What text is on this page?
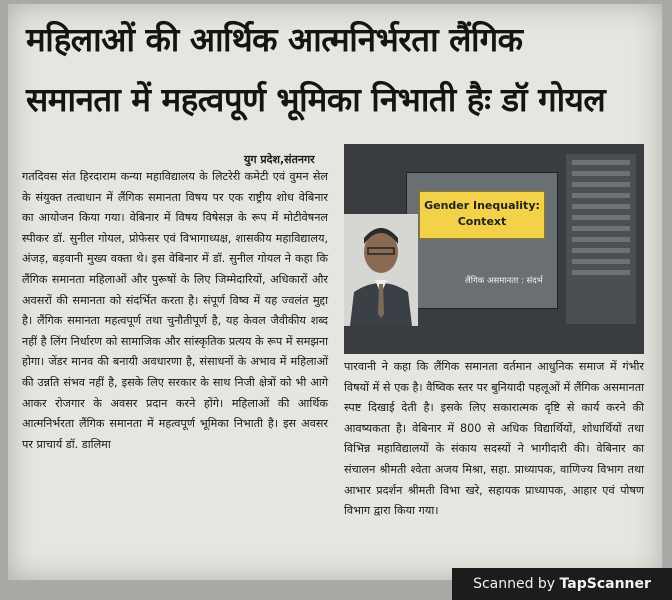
महिलाओं की आर्थिक आत्मनिर्भरता लैंगिक
समानता में महत्वपूर्ण भूमिका निभाती हैः डॉ गोयल
युग प्रदेश,संतनगर
गतदिवस संत हिरदाराम कन्या महाविद्यालय के लिटरेरी कमेटी एवं वुमन सेल के संयुक्त तत्वाधान में लैंगिक समानता विषय पर एक राष्ट्रीय शोध वेबिनार का आयोजन किया गया। वेबिनार में विषय विषेसज्ञ के रूप में मोटीवेषनल स्पीकर डॉ. सुनील गोयल, प्रोफेसर एवं विभागाध्यक्ष, शासकीय महाविद्यालय, अंजड़, बड़वानी मुख्य वक्ता थे। इस वेबिनार में डॉ. सुनील गोयल ने कहा कि लैंगिक समानता महिलाओं और पुरूषों के लिए जिम्मेदारियों, अधिकारों और अवसरों की समानता को संदर्भित करता है। संपूर्ण विष्व में यह ज्वलंत मुद्दा है। लैंगिक समानता महत्वपूर्ण तथा चुनौतीपूर्ण है, यह केवल जैवीकीय शब्द नहीं है लिंग निर्धारण को सामाजिक और सांस्कृतिक प्रत्यय के रूप में समझना होगा। जेंडर मानव की बनायी अवधारणा है, संसाधनों के अभाव में महिलाओं की उन्नति संभव नहीं है, इसके लिए सरकार के साथ निजी क्षेत्रों को भी आगे आकर रोजगार के अवसर प्रदान करने होंगे। महिलाओं की आर्थिक आत्मनिर्भरता लैंगिक समानता में महत्वपूर्ण भूमिका निभाती है। इस अवसर पर प्राचार्य डॉ. डालिमा
Gender Inequality: Context
लैंगिक असमानता : संदर्भ
पारवानी ने कहा कि लैंगिक समानता वर्तमान आधुनिक समाज में गंभीर विषयों में से एक है। वैष्विक स्तर पर बुनियादी पहलूओं में लैंगिक असमानता स्पष्ट दिखाई देती है। इसके लिए सकारात्मक दृष्टि से कार्य करने की आवष्यकता है। वेबिनार में 800 से अधिक विद्यार्थियों, शोधार्थियों तथा विभिन्न महाविद्यालयों के संकाय सदस्यों ने भागीदारी की। वेबिनार का संचालन श्रीमती श्वेता अजय मिश्रा, सहा. प्राध्यापक, वाणिज्य विभाग तथा आभार प्रदर्शन श्रीमती विभा खरे, सहायक प्राध्यापक, आहार एवं पोषण विभाग द्वारा किया गया।
Scanned by TapScanner
